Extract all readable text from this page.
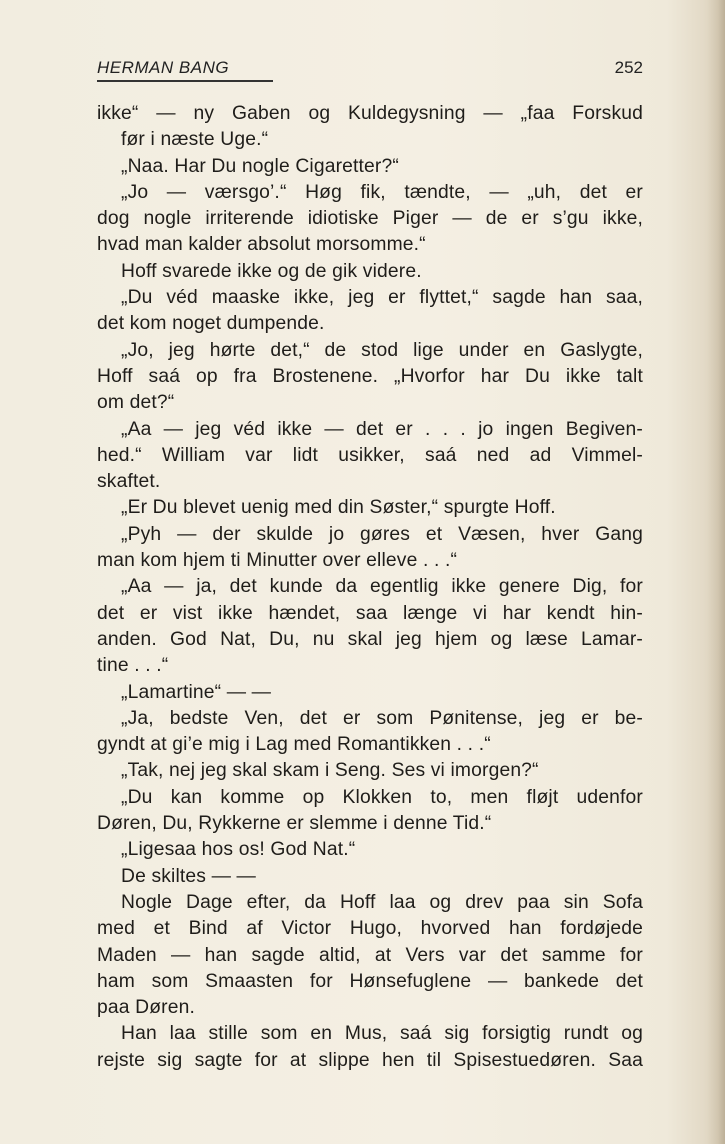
HERMAN BANG	252
ikke“ — ny Gaben og Kuldegysning — „faa Forskud
før i næste Uge.“
„Naa. Har Du nogle Cigaretter?“
„Jo — værsgo’.“ Høg fik, tændte, — „uh, det er
dog nogle irriterende idiotiske Piger — de er s’gu ikke,
hvad man kalder absolut morsomme.“
Hoff svarede ikke og de gik videre.
„Du véd maaske ikke, jeg er flyttet,“ sagde han saa,
det kom noget dumpende.
„Jo, jeg hørte det,“ de stod lige under en Gaslygte,
Hoff saá op fra Brostenene. „Hvorfor har Du ikke talt
om det?“
„Aa — jeg véd ikke — det er . . . jo ingen Begiven-
hed.“ William var lidt usikker, saá ned ad Vimmel-
skaftet.
„Er Du blevet uenig med din Søster,“ spurgte Hoff.
„Pyh — der skulde jo gøres et Væsen, hver Gang
man kom hjem ti Minutter over elleve . . .“
„Aa — ja, det kunde da egentlig ikke genere Dig, for
det er vist ikke hændet, saa længe vi har kendt hin-
anden. God Nat, Du, nu skal jeg hjem og læse Lamar-
tine . . .“
„Lamartine“ — —
„Ja, bedste Ven, det er som Pønitense, jeg er be-
gyndt at gi’e mig i Lag med Romantikken . . .“
„Tak, nej jeg skal skam i Seng. Ses vi imorgen?“
„Du kan komme op Klokken to, men fløjt udenfor
Døren, Du, Rykkerne er slemme i denne Tid.“
„Ligesaa hos os! God Nat.“
De skiltes — —
Nogle Dage efter, da Hoff laa og drev paa sin Sofa
med et Bind af Victor Hugo, hvorved han fordøjede
Maden — han sagde altid, at Vers var det samme for
ham som Smaasten for Hønsefuglene — bankede det
paa Døren.
Han laa stille som en Mus, saá sig forsigtig rundt og
rejste sig sagte for at slippe hen til Spisestuedøren. Saa
